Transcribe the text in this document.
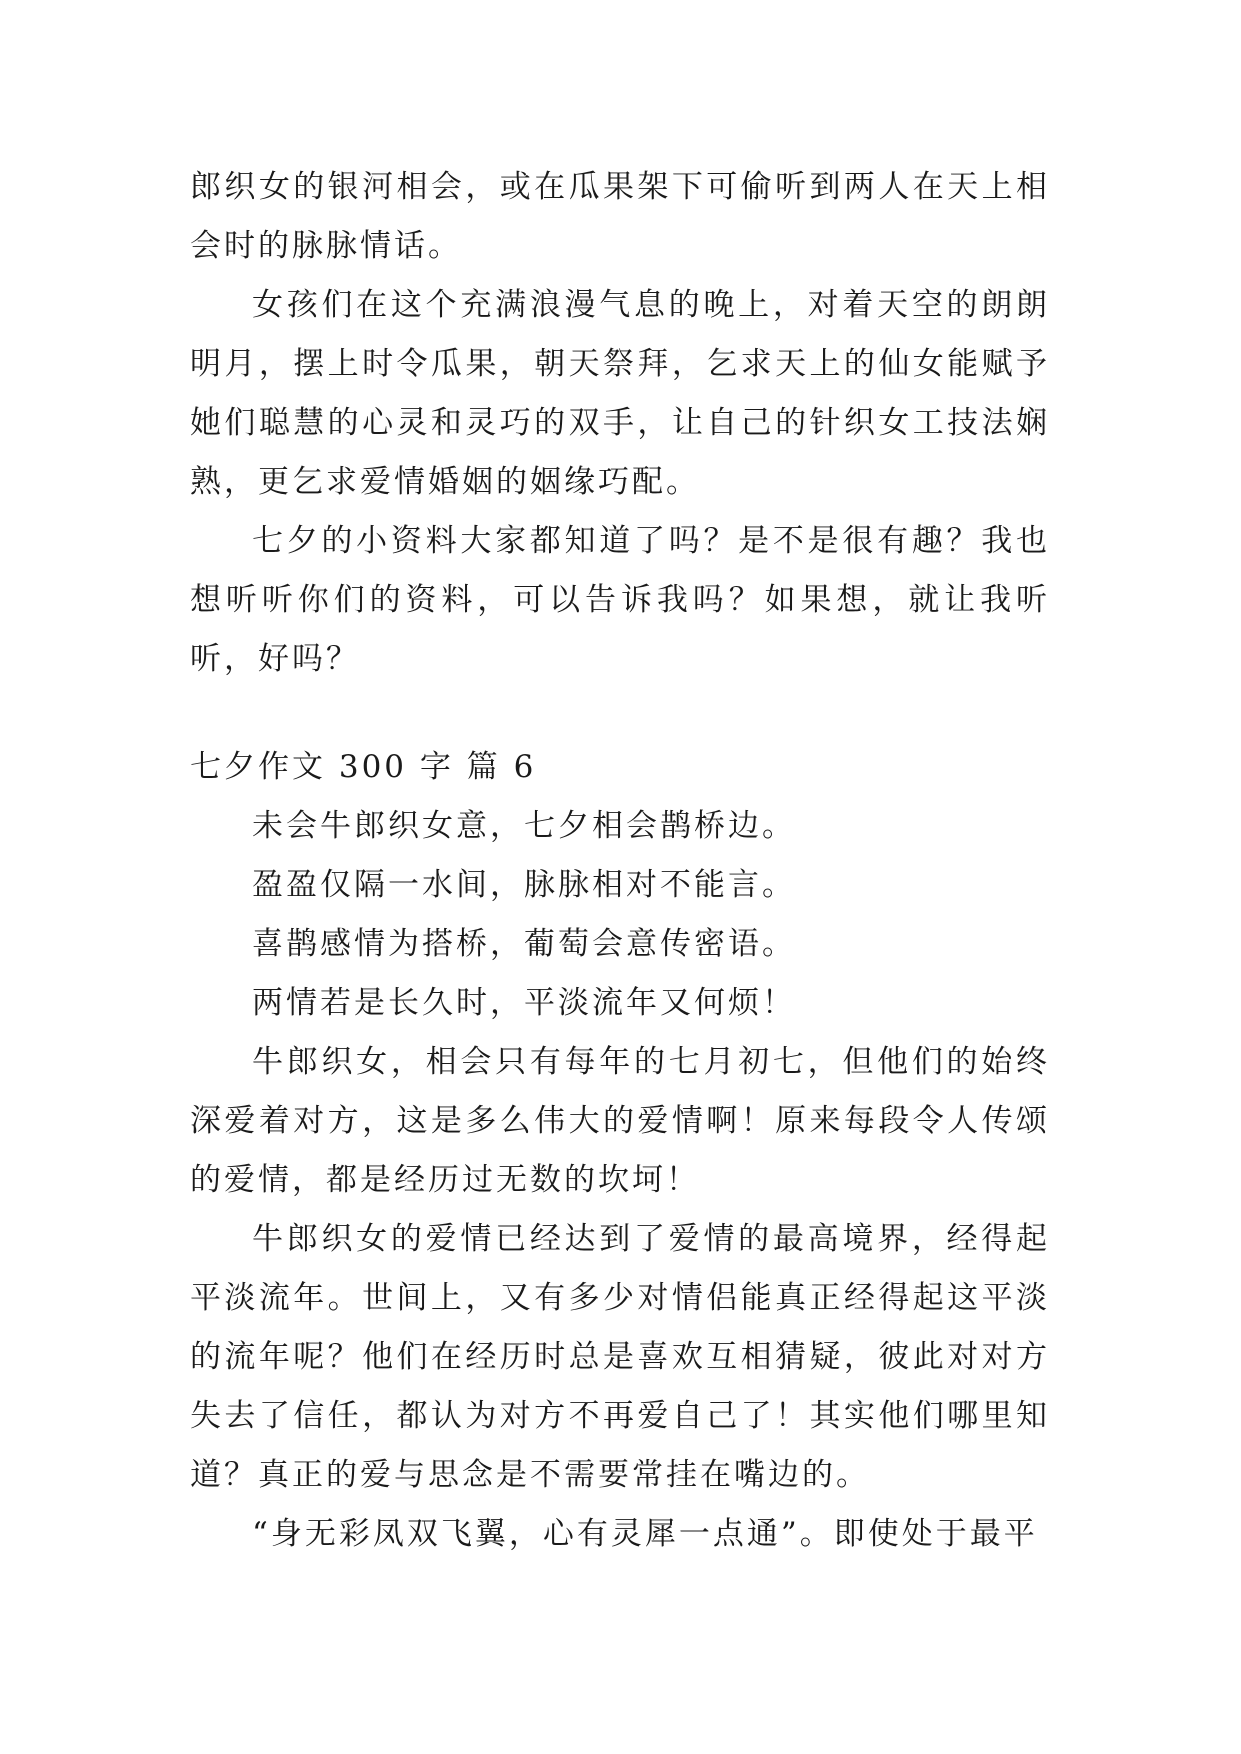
郎织女的银河相会，或在瓜果架下可偷听到两人在天上相会时的脉脉情话。

女孩们在这个充满浪漫气息的晚上，对着天空的朗朗明月，摆上时令瓜果，朝天祭拜，乞求天上的仙女能赋予她们聪慧的心灵和灵巧的双手，让自己的针织女工技法娴熟，更乞求爱情婚姻的姻缘巧配。

七夕的小资料大家都知道了吗？是不是很有趣？我也想听听你们的资料，可以告诉我吗？如果想，就让我听听，好吗？

七夕作文 300 字 篇 6

未会牛郎织女意，七夕相会鹊桥边。

盈盈仅隔一水间，脉脉相对不能言。

喜鹊感情为搭桥，葡萄会意传密语。

两情若是长久时，平淡流年又何烦！

牛郎织女，相会只有每年的七月初七，但他们的始终深爱着对方，这是多么伟大的爱情啊！原来每段令人传颂的爱情，都是经历过无数的坎坷！

牛郎织女的爱情已经达到了爱情的最高境界，经得起平淡流年。世间上，又有多少对情侣能真正经得起这平淡的流年呢？他们在经历时总是喜欢互相猜疑，彼此对对方失去了信任，都认为对方不再爱自己了！其实他们哪里知道？真正的爱与思念是不需要常挂在嘴边的。

“身无彩凤双飞翼，心有灵犀一点通”。即使处于最平
